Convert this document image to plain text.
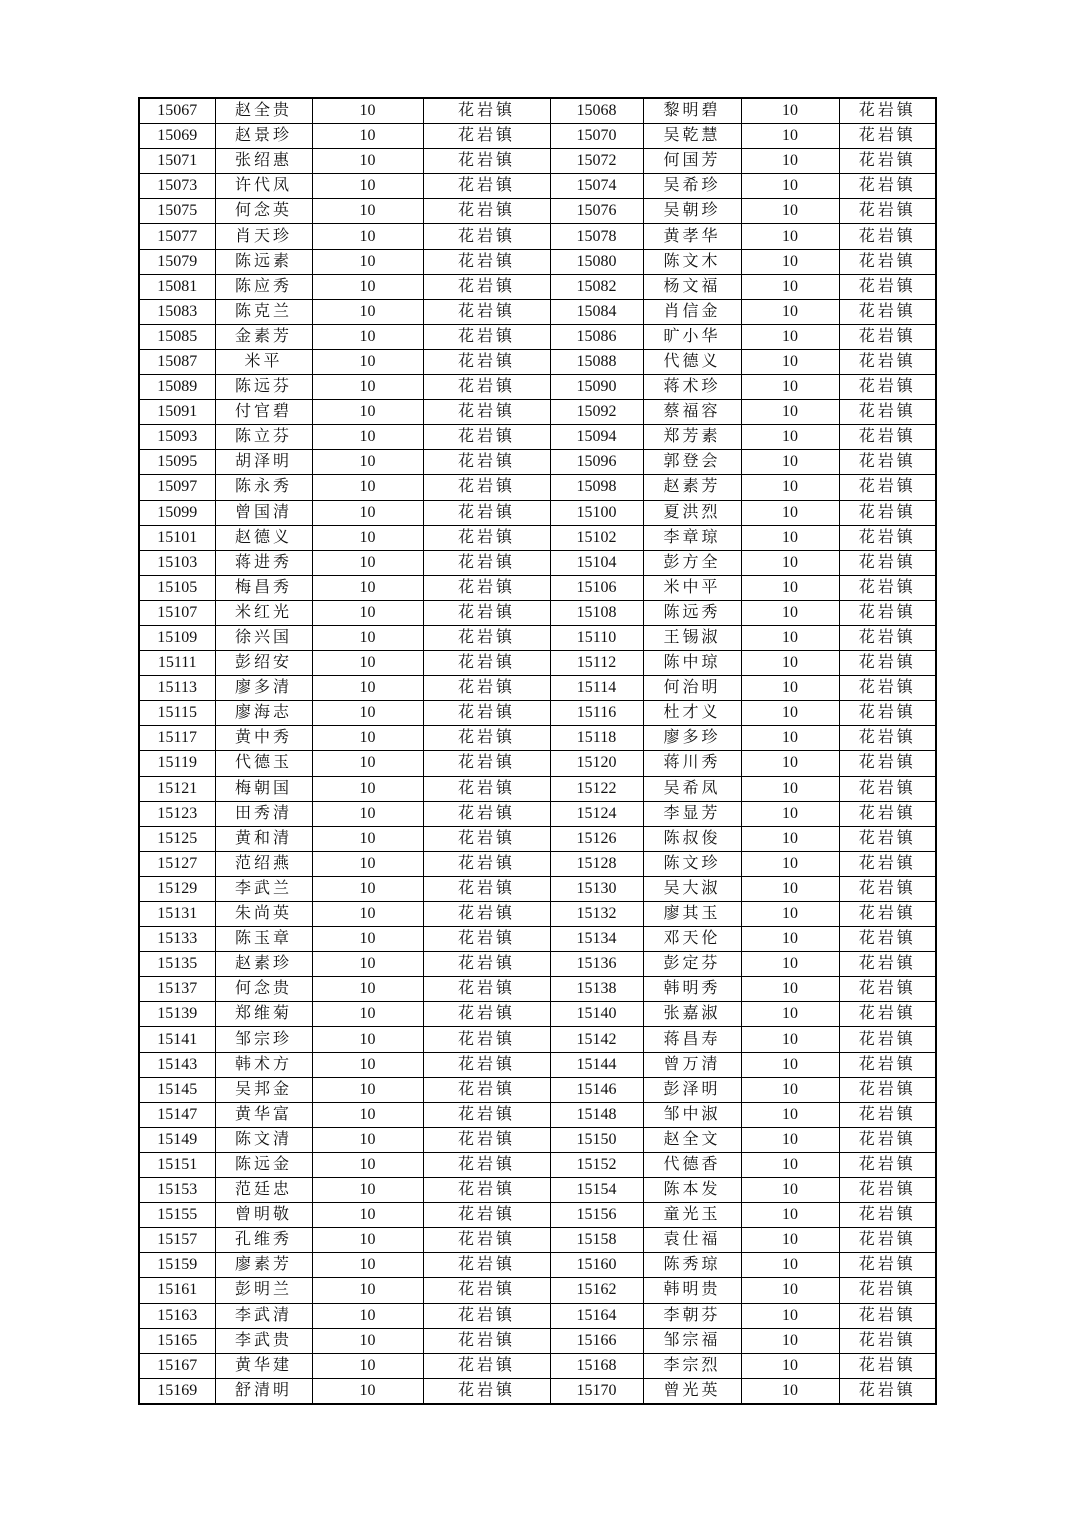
15067	赵全贵	10	花岩镇	15068	黎明碧	10	花岩镇
15069	赵景珍	10	花岩镇	15070	吴乾慧	10	花岩镇
15071	张绍惠	10	花岩镇	15072	何国芳	10	花岩镇
15073	许代凤	10	花岩镇	15074	吴希珍	10	花岩镇
15075	何念英	10	花岩镇	15076	吴朝珍	10	花岩镇
15077	肖天珍	10	花岩镇	15078	黄孝华	10	花岩镇
15079	陈远素	10	花岩镇	15080	陈文木	10	花岩镇
15081	陈应秀	10	花岩镇	15082	杨文福	10	花岩镇
15083	陈克兰	10	花岩镇	15084	肖信金	10	花岩镇
15085	金素芳	10	花岩镇	15086	旷小华	10	花岩镇
15087	米平	10	花岩镇	15088	代德义	10	花岩镇
15089	陈远芬	10	花岩镇	15090	蒋术珍	10	花岩镇
15091	付官碧	10	花岩镇	15092	蔡福容	10	花岩镇
15093	陈立芬	10	花岩镇	15094	郑芳素	10	花岩镇
15095	胡泽明	10	花岩镇	15096	郭登会	10	花岩镇
15097	陈永秀	10	花岩镇	15098	赵素芳	10	花岩镇
15099	曾国清	10	花岩镇	15100	夏洪烈	10	花岩镇
15101	赵德义	10	花岩镇	15102	李章琼	10	花岩镇
15103	蒋进秀	10	花岩镇	15104	彭方全	10	花岩镇
15105	梅昌秀	10	花岩镇	15106	米中平	10	花岩镇
15107	米红光	10	花岩镇	15108	陈远秀	10	花岩镇
15109	徐兴国	10	花岩镇	15110	王锡淑	10	花岩镇
15111	彭绍安	10	花岩镇	15112	陈中琼	10	花岩镇
15113	廖多清	10	花岩镇	15114	何治明	10	花岩镇
15115	廖海志	10	花岩镇	15116	杜才义	10	花岩镇
15117	黄中秀	10	花岩镇	15118	廖多珍	10	花岩镇
15119	代德玉	10	花岩镇	15120	蒋川秀	10	花岩镇
15121	梅朝国	10	花岩镇	15122	吴希凤	10	花岩镇
15123	田秀清	10	花岩镇	15124	李显芳	10	花岩镇
15125	黄和清	10	花岩镇	15126	陈叔俊	10	花岩镇
15127	范绍燕	10	花岩镇	15128	陈文珍	10	花岩镇
15129	李武兰	10	花岩镇	15130	吴大淑	10	花岩镇
15131	朱尚英	10	花岩镇	15132	廖其玉	10	花岩镇
15133	陈玉章	10	花岩镇	15134	邓天伦	10	花岩镇
15135	赵素珍	10	花岩镇	15136	彭定芬	10	花岩镇
15137	何念贵	10	花岩镇	15138	韩明秀	10	花岩镇
15139	郑维菊	10	花岩镇	15140	张嘉淑	10	花岩镇
15141	邹宗珍	10	花岩镇	15142	蒋昌寿	10	花岩镇
15143	韩术方	10	花岩镇	15144	曾万清	10	花岩镇
15145	吴邦金	10	花岩镇	15146	彭泽明	10	花岩镇
15147	黄华富	10	花岩镇	15148	邹中淑	10	花岩镇
15149	陈文清	10	花岩镇	15150	赵全文	10	花岩镇
15151	陈远金	10	花岩镇	15152	代德香	10	花岩镇
15153	范廷忠	10	花岩镇	15154	陈本发	10	花岩镇
15155	曾明敬	10	花岩镇	15156	童光玉	10	花岩镇
15157	孔维秀	10	花岩镇	15158	袁仕福	10	花岩镇
15159	廖素芳	10	花岩镇	15160	陈秀琼	10	花岩镇
15161	彭明兰	10	花岩镇	15162	韩明贵	10	花岩镇
15163	李武清	10	花岩镇	15164	李朝芬	10	花岩镇
15165	李武贵	10	花岩镇	15166	邹宗福	10	花岩镇
15167	黄华建	10	花岩镇	15168	李宗烈	10	花岩镇
15169	舒清明	10	花岩镇	15170	曾光英	10	花岩镇
